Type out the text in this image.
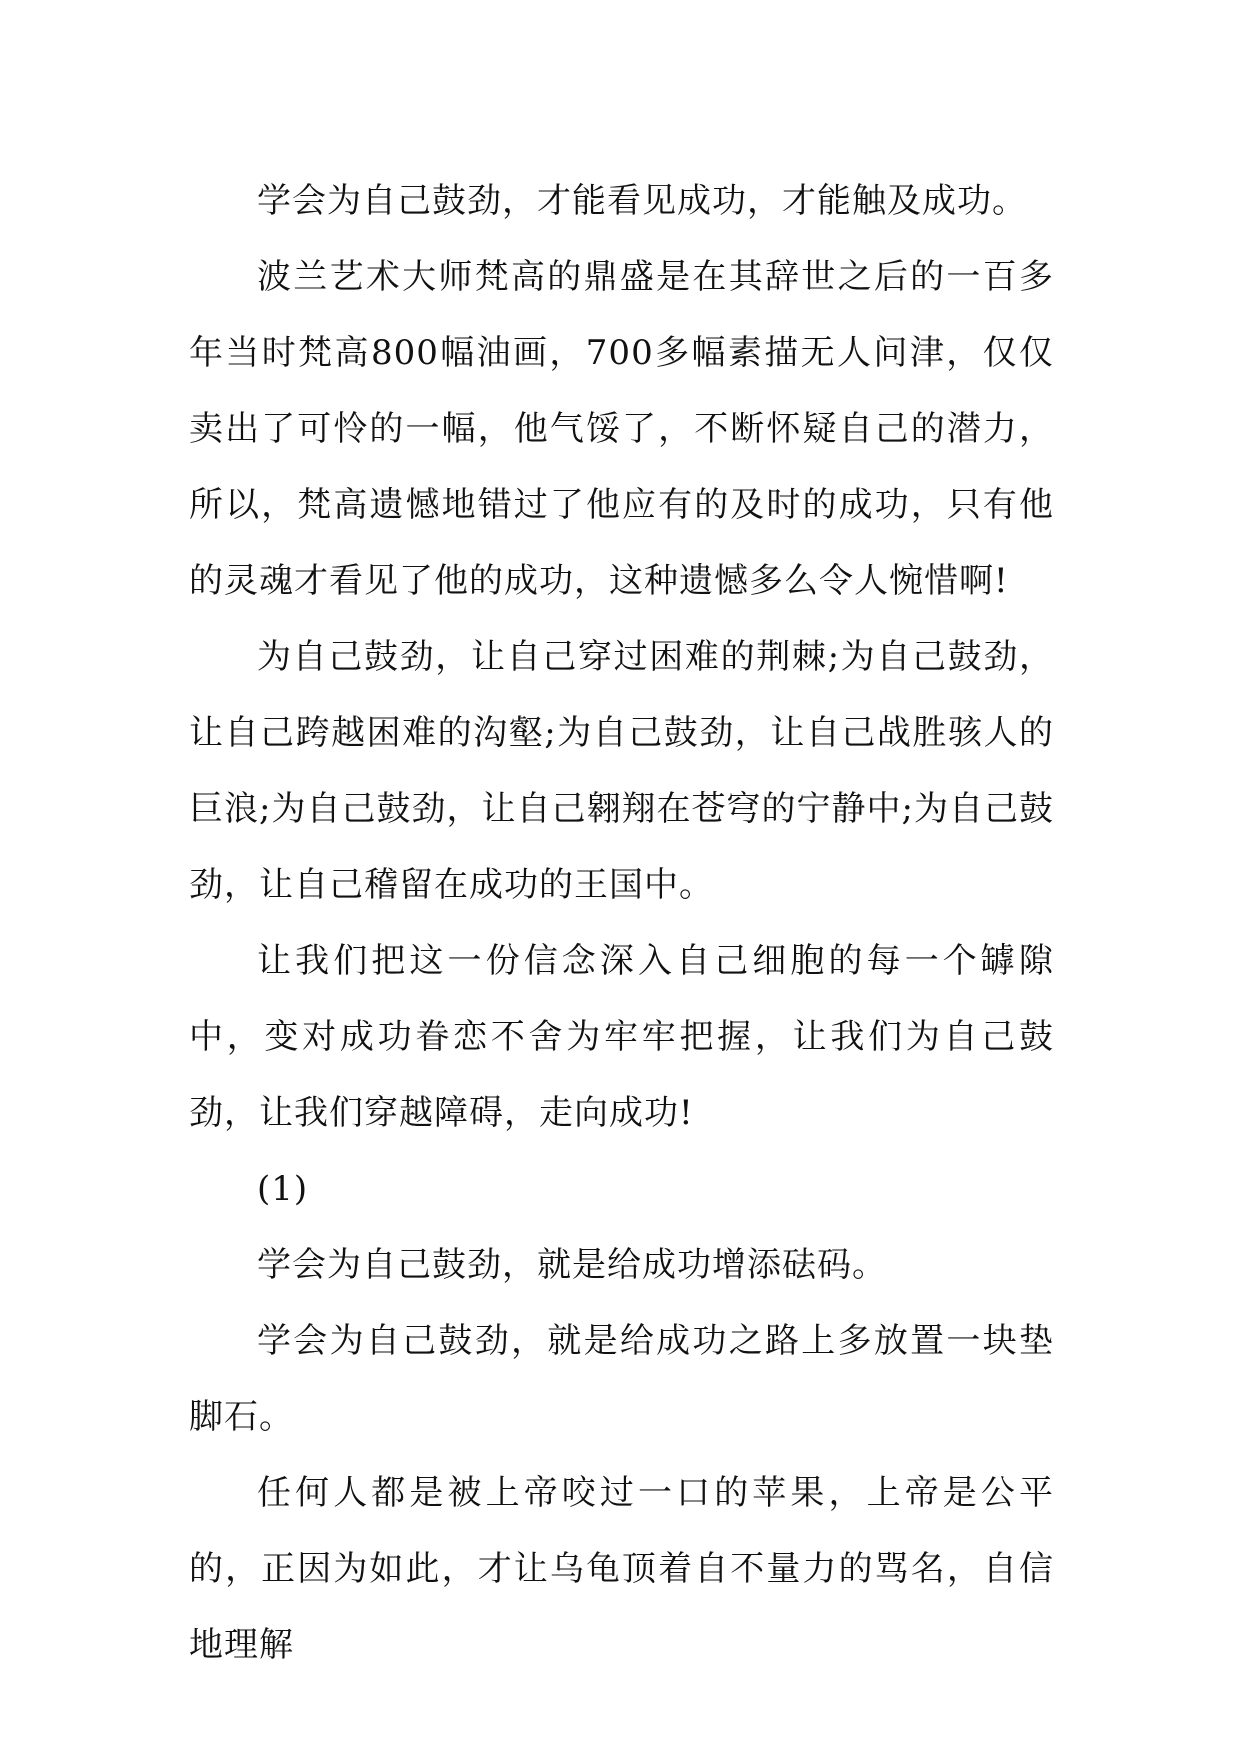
学会为自己鼓劲，才能看见成功，才能触及成功。

波兰艺术大师梵高的鼎盛是在其辞世之后的一百多年当时梵高800幅油画，700多幅素描无人问津，仅仅卖出了可怜的一幅，他气馁了，不断怀疑自己的潜力，所以，梵高遗憾地错过了他应有的及时的成功，只有他的灵魂才看见了他的成功，这种遗憾多么令人惋惜啊!

为自己鼓劲，让自己穿过困难的荆棘;为自己鼓劲，让自己跨越困难的沟壑;为自己鼓劲，让自己战胜骇人的巨浪;为自己鼓劲，让自己翱翔在苍穹的宁静中;为自己鼓劲，让自己稽留在成功的王国中。

让我们把这一份信念深入自己细胞的每一个罅隙中，变对成功眷恋不舍为牢牢把握，让我们为自己鼓劲，让我们穿越障碍，走向成功!

(1)

学会为自己鼓劲，就是给成功增添砝码。

学会为自己鼓劲，就是给成功之路上多放置一块垫脚石。

任何人都是被上帝咬过一口的苹果，上帝是公平的，正因为如此，才让乌龟顶着自不量力的骂名，自信地理解
